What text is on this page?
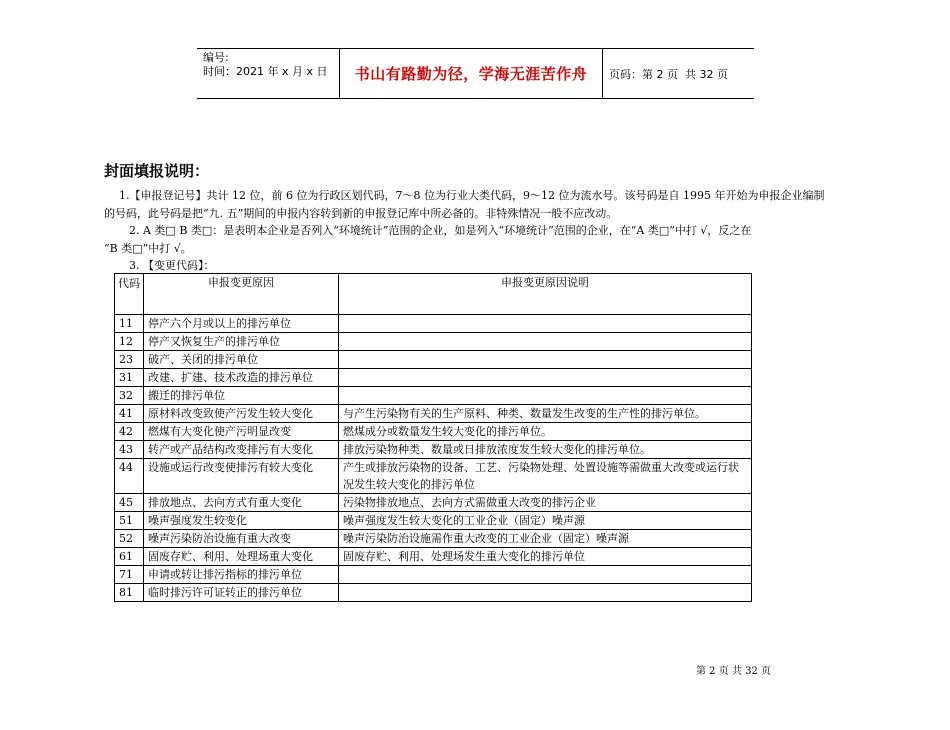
编号:
时间：2021 年 x 月 x 日	书山有路勤为径，学海无涯苦作舟	页码：第 2 页  共 32 页
封面填报说明：
1.【申报登记号】共计 12 位，前 6 位为行政区划代码，7～8 位为行业大类代码，9～12 位为流水号。该号码是自 1995 年开始为申报企业编制
的号码，此号码是把“九. 五”期间的申报内容转到新的申报登记库中所必备的。非特殊情况一般不应改动。
2. A 类□ B 类□：是表明本企业是否列入“环境统计”范围的企业，如是列入“环境统计”范围的企业，在“A 类□”中打 √，反之在
“B 类□”中打 √。
3. 【变更代码】：
代码	申报变更原因	申报变更原因说明
11	停产六个月或以上的排污单位	
12	停产又恢复生产的排污单位	
23	破产、关闭的排污单位	
31	改建、扩建、技术改造的排污单位	
32	搬迁的排污单位	
41	原材料改变致使产污发生较大变化	与产生污染物有关的生产原料、种类、数量发生改变的生产性的排污单位。
42	燃煤有大变化使产污明显改变	燃煤成分或数量发生较大变化的排污单位。
43	转产或产品结构改变排污有大变化	排放污染物种类、数量或日排放浓度发生较大变化的排污单位。
44	设施或运行改变使排污有较大变化	产生或排放污染物的设备、工艺、污染物处理、处置设施等需做重大改变或运行状况发生较大变化的排污单位
45	排放地点、去向方式有重大变化	污染物排放地点、去向方式需做重大改变的排污企业
51	噪声强度发生较变化	噪声强度发生较大变化的工业企业（固定）噪声源
52	噪声污染防治设施有重大改变	噪声污染防治设施需作重大改变的工业企业（固定）噪声源
61	固废存贮、利用、处理场重大变化	固废存贮、利用、处理场发生重大变化的排污单位
71	申请或转让排污指标的排污单位	
81	临时排污许可证转正的排污单位	
第 2 页 共 32 页
